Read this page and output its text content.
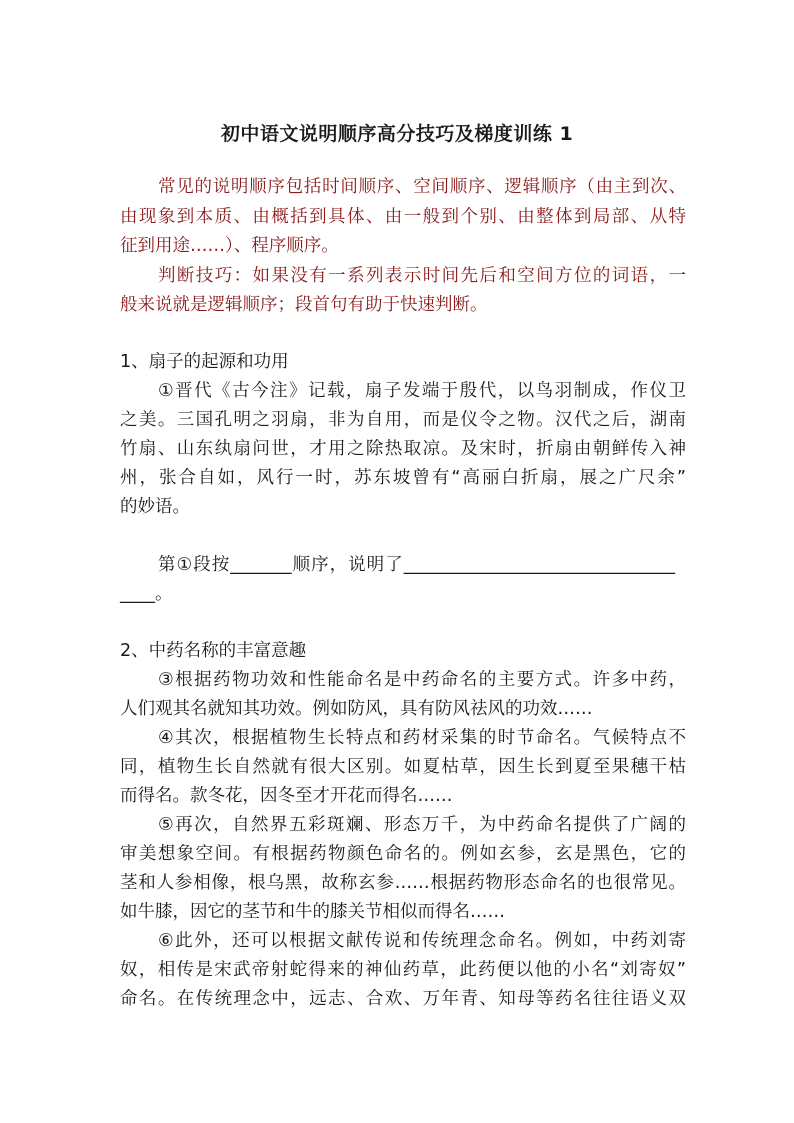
初中语文说明顺序高分技巧及梯度训练 1
常见的说明顺序包括时间顺序、空间顺序、逻辑顺序（由主到次、
由现象到本质、由概括到具体、由一般到个别、由整体到局部、从特
征到用途……）、程序顺序。
判断技巧：如果没有一系列表示时间先后和空间方位的词语，一
般来说就是逻辑顺序；段首句有助于快速判断。
1、扇子的起源和功用
①晋代《古今注》记载，扇子发端于殷代，以鸟羽制成，作仪卫
之美。三国孔明之羽扇，非为自用，而是仪令之物。汉代之后，湖南
竹扇、山东纨扇问世，才用之除热取凉。及宋时，折扇由朝鲜传入神
州，张合自如，风行一时，苏东坡曾有“高丽白折扇，展之广尺余”
的妙语。
第①段按_______顺序，说明了_______________________________
____。
2、中药名称的丰富意趣
③根据药物功效和性能命名是中药命名的主要方式。许多中药，
人们观其名就知其功效。例如防风，具有防风祛风的功效……
④其次，根据植物生长特点和药材采集的时节命名。气候特点不
同，植物生长自然就有很大区别。如夏枯草，因生长到夏至果穗干枯
而得名。款冬花，因冬至才开花而得名……
⑤再次，自然界五彩斑斓、形态万千，为中药命名提供了广阔的
审美想象空间。有根据药物颜色命名的。例如玄参，玄是黑色，它的
茎和人参相像，根乌黑，故称玄参……根据药物形态命名的也很常见。
如牛膝，因它的茎节和牛的膝关节相似而得名……
⑥此外，还可以根据文献传说和传统理念命名。例如，中药刘寄
奴，相传是宋武帝射蛇得来的神仙药草，此药便以他的小名“刘寄奴”
命名。在传统理念中，远志、合欢、万年青、知母等药名往往语义双
